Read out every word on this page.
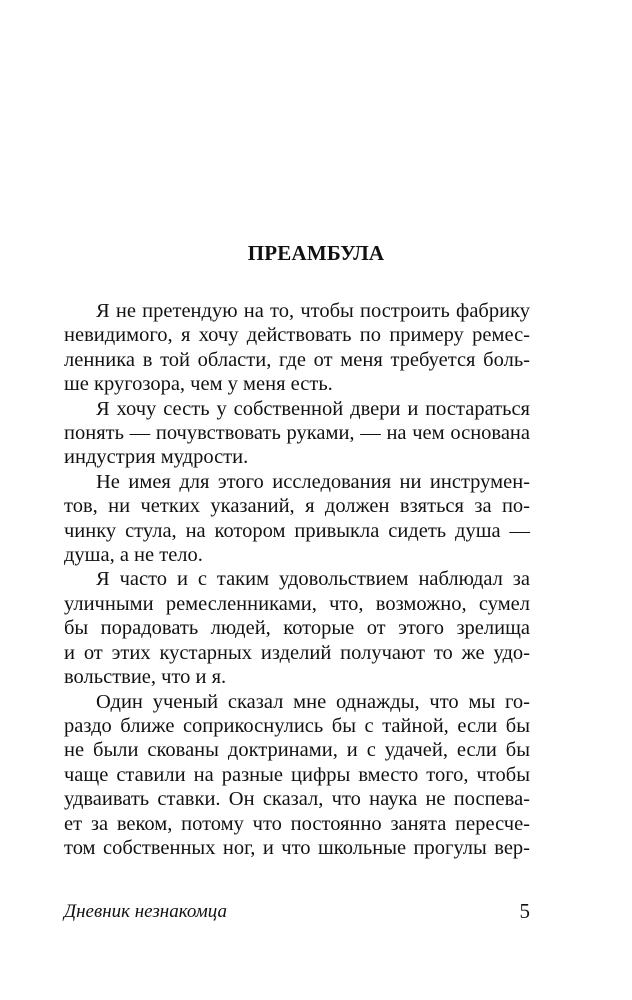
ПРЕАМБУЛА

Я не претендую на то, чтобы построить фабрику
невидимого, я хочу действовать по примеру ремес-
ленника в той области, где от меня требуется боль-
ше кругозора, чем у меня есть.

Я хочу сесть у собственной двери и постараться
понять — почувствовать руками, — на чем основана
индустрия мудрости.

Не имея для этого исследования ни инструмен-
тов, ни четких указаний, я должен взяться за по-
чинку стула, на котором привыкла сидеть душа —
душа, а не тело.

Я часто и с таким удовольствием наблюдал за
уличными ремесленниками, что, возможно, сумел
бы порадовать людей, которые от этого зрелища
и от этих кустарных изделий получают то же удо-
вольствие, что и я.

Один ученый сказал мне однажды, что мы го-
раздо ближе соприкоснулись бы с тайной, если бы
не были скованы доктринами, и с удачей, если бы
чаще ставили на разные цифры вместо того, чтобы
удваивать ставки. Он сказал, что наука не поспева-
ет за веком, потому что постоянно занята пересче-
том собственных ног, и что школьные прогулы вер-

Дневник незнакомца	5
